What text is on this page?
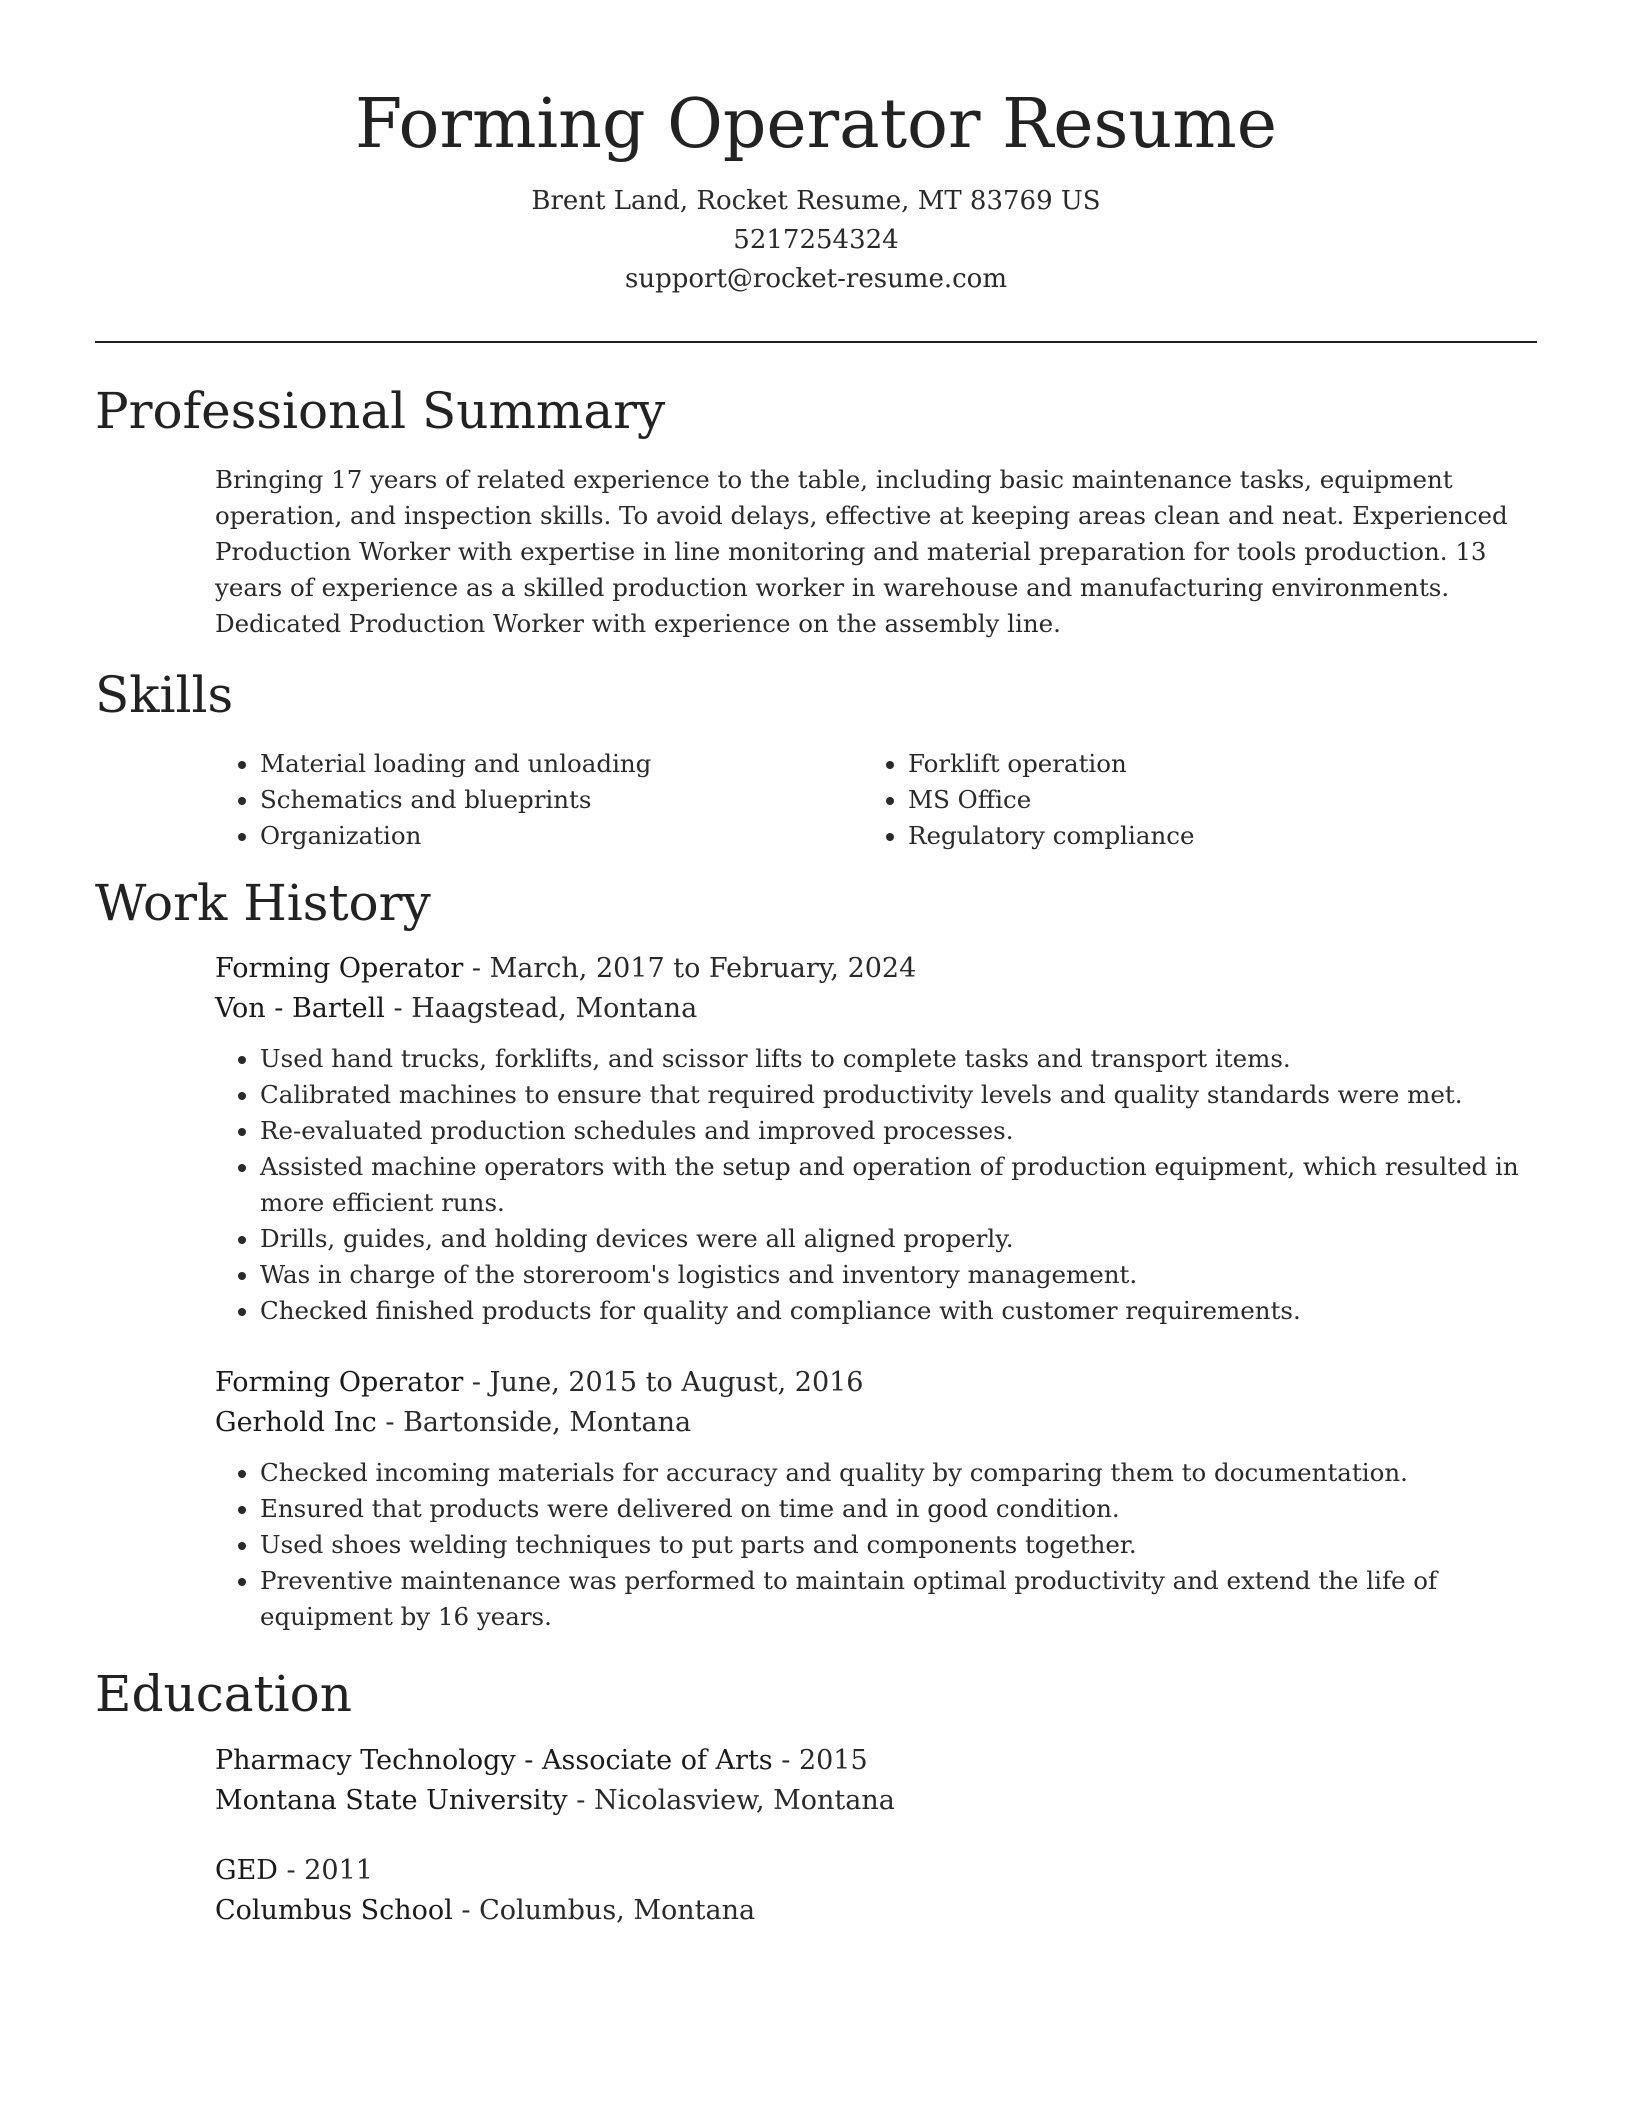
Forming Operator Resume
Brent Land, Rocket Resume, MT 83769 US
5217254324
support@rocket-resume.com
Professional Summary

Bringing 17 years of related experience to the table, including basic maintenance tasks, equipment operation, and inspection skills. To avoid delays, effective at keeping areas clean and neat. Experienced Production Worker with expertise in line monitoring and material preparation for tools production. 13 years of experience as a skilled production worker in warehouse and manufacturing environments. Dedicated Production Worker with experience on the assembly line.

Skills
• Material loading and unloading
• Schematics and blueprints
• Organization
• Forklift operation
• MS Office
• Regulatory compliance
Work History
Forming Operator - March, 2017 to February, 2024
Von - Bartell - Haagstead, Montana
• Used hand trucks, forklifts, and scissor lifts to complete tasks and transport items.
• Calibrated machines to ensure that required productivity levels and quality standards were met.
• Re-evaluated production schedules and improved processes.
• Assisted machine operators with the setup and operation of production equipment, which resulted in more efficient runs.
• Drills, guides, and holding devices were all aligned properly.
• Was in charge of the storeroom's logistics and inventory management.
• Checked finished products for quality and compliance with customer requirements.
Forming Operator - June, 2015 to August, 2016
Gerhold Inc - Bartonside, Montana
• Checked incoming materials for accuracy and quality by comparing them to documentation.
• Ensured that products were delivered on time and in good condition.
• Used shoes welding techniques to put parts and components together.
• Preventive maintenance was performed to maintain optimal productivity and extend the life of equipment by 16 years.
Education
Pharmacy Technology - Associate of Arts - 2015
Montana State University - Nicolasview, Montana
GED - 2011
Columbus School - Columbus, Montana
